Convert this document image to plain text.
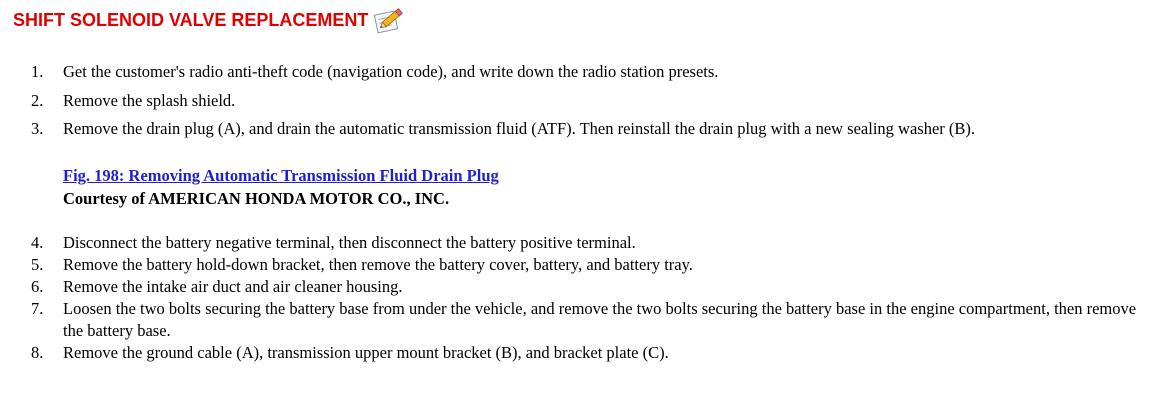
SHIFT SOLENOID VALVE REPLACEMENT
1. Get the customer's radio anti-theft code (navigation code), and write down the radio station presets.
2. Remove the splash shield.
3. Remove the drain plug (A), and drain the automatic transmission fluid (ATF). Then reinstall the drain plug with a new sealing washer (B).
Fig. 198: Removing Automatic Transmission Fluid Drain Plug
Courtesy of AMERICAN HONDA MOTOR CO., INC.
4. Disconnect the battery negative terminal, then disconnect the battery positive terminal.
5. Remove the battery hold-down bracket, then remove the battery cover, battery, and battery tray.
6. Remove the intake air duct and air cleaner housing.
7. Loosen the two bolts securing the battery base from under the vehicle, and remove the two bolts securing the battery base in the engine compartment, then remove the battery base.
8. Remove the ground cable (A), transmission upper mount bracket (B), and bracket plate (C).
